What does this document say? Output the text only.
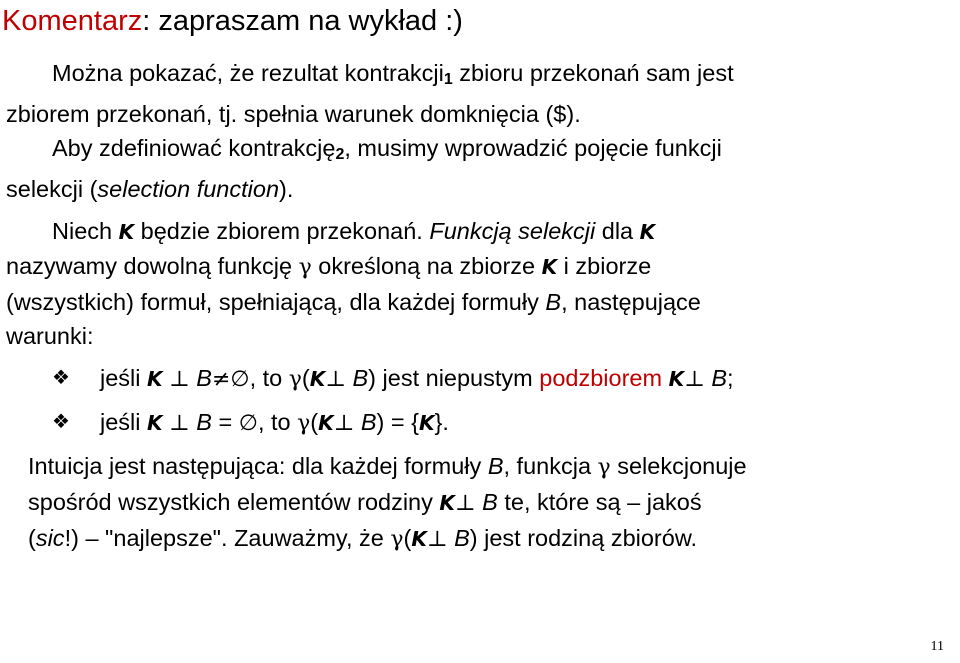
Komentarz: zapraszam na wykład :)

Można pokazać, że rezultat kontrakcji1 zbioru przekonań sam jest
zbiorem przekonań, tj. spełnia warunek domknięcia ($).

Aby zdefiniować kontrakcję2, musimy wprowadzić pojęcie funkcji
selekcji (selection function).

Niech K będzie zbiorem przekonań. Funkcją selekcji dla K
nazywamy dowolną funkcję γ określoną na zbiorze K i zbiorze
(wszystkich) formuł, spełniającą, dla każdej formuły B, następujące
warunki:

❖ jeśli K ⊥ B≠∅, to γ(K⊥ B) jest niepustym podzbiorem K⊥ B;

❖ jeśli K ⊥ B = ∅, to γ(K⊥ B) = {K}.

Intuicja jest następująca: dla każdej formuły B, funkcja γ selekcjonuje
spośród wszystkich elementów rodziny K⊥ B te, które są – jakoś
(sic!) – "najlepsze". Zauważmy, że γ(K⊥ B) jest rodziną zbiorów.

11
